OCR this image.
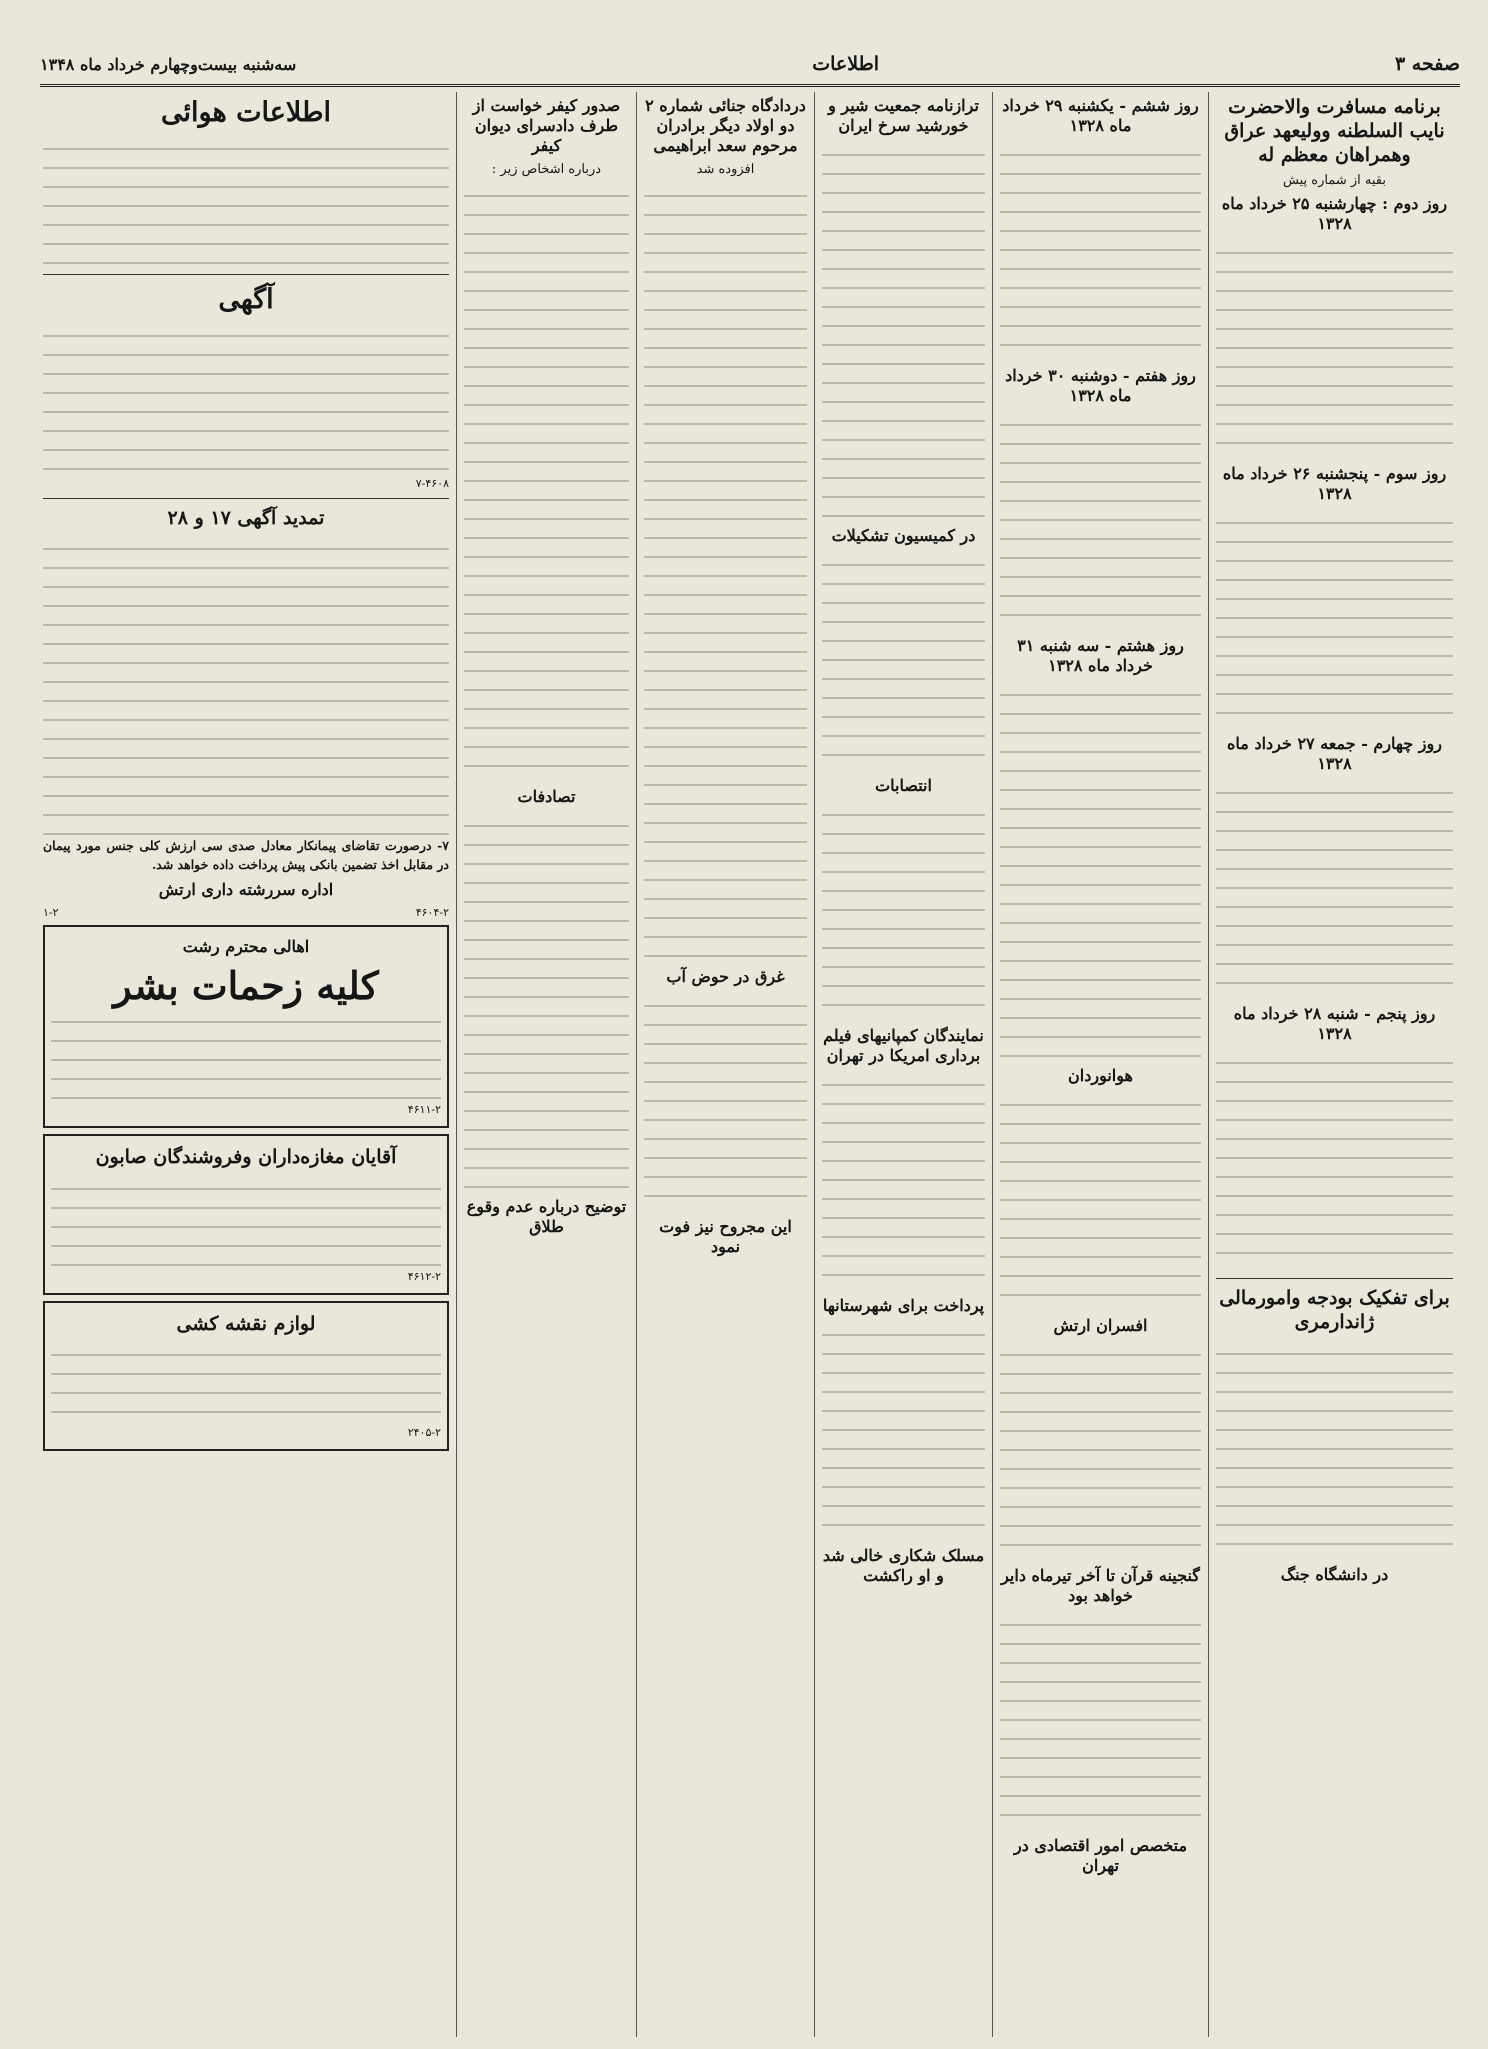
صفحه ۳
اطلاعات
سه‌شنبه بیست‌وچهارم خرداد ماه ۱۳۴۸
برنامه مسافرت والاحضرت نایب السلطنه وولیعهد عراق وهمراهان معظم له
بقیه از شماره پیش
روز دوم : چهارشنبه ۲۵ خرداد ماه ۱۳۲۸
روز سوم - پنجشنبه ۲۶ خرداد ماه ۱۳۲۸
روز چهارم - جمعه ۲۷ خرداد ماه ۱۳۲۸
روز پنجم - شنبه ۲۸ خرداد ماه ۱۳۲۸
برای تفکیک بودجه وامورمالی ژاندارمری
در دانشگاه جنگ
روز ششم - یکشنبه ۲۹ خرداد ماه ۱۳۲۸
روز هفتم - دوشنبه ۳۰ خرداد ماه ۱۳۲۸
روز هشتم - سه شنبه ۳۱ خرداد ماه ۱۳۲۸
هوانوردان
افسران ارتش
گنجینه قرآن تا آخر تیرماه دایر خواهد بود
متخصص امور اقتصادی در تهران
ترازنامه جمعیت شیر و خورشید سرخ ایران
در کمیسیون تشکیلات
انتصابات
نمایندگان کمپانیهای فیلم برداری امریکا در تهران
پرداخت برای شهرستانها
مسلک شکاری خالی شد و او راکشت
دردادگاه جنائی شماره ۲ دو اولاد دیگر برادران مرحوم سعد ابراهیمی
افزوده شد
غرق در حوض آب
این مجروح نیز فوت نمود
صدور کیفر خواست از طرف دادسرای دیوان کیفر
درباره اشخاص زیر :
تصادفات
توضیح درباره عدم وقوع طلاق
اطلاعات هوائی
آگهی
۷-۴۶۰۸
تمدید آگهی ۱۷ و ۲۸
۷- درصورت تقاضای پیمانکار معادل صدی سی ارزش کلی جنس مورد پیمان در مقابل اخذ تضمین بانکی پیش پرداخت داده خواهد شد.
اداره سررشته داری ارتش
۴۶۰۴-۲
۱-۲
اهالی محترم رشت
کلیه زحمات بشر
۴۶۱۱-۲
آقایان مغازه‌داران وفروشندگان صابون
۴۶۱۲-۲
لوازم نقشه کشی
۲۴۰۵-۲
